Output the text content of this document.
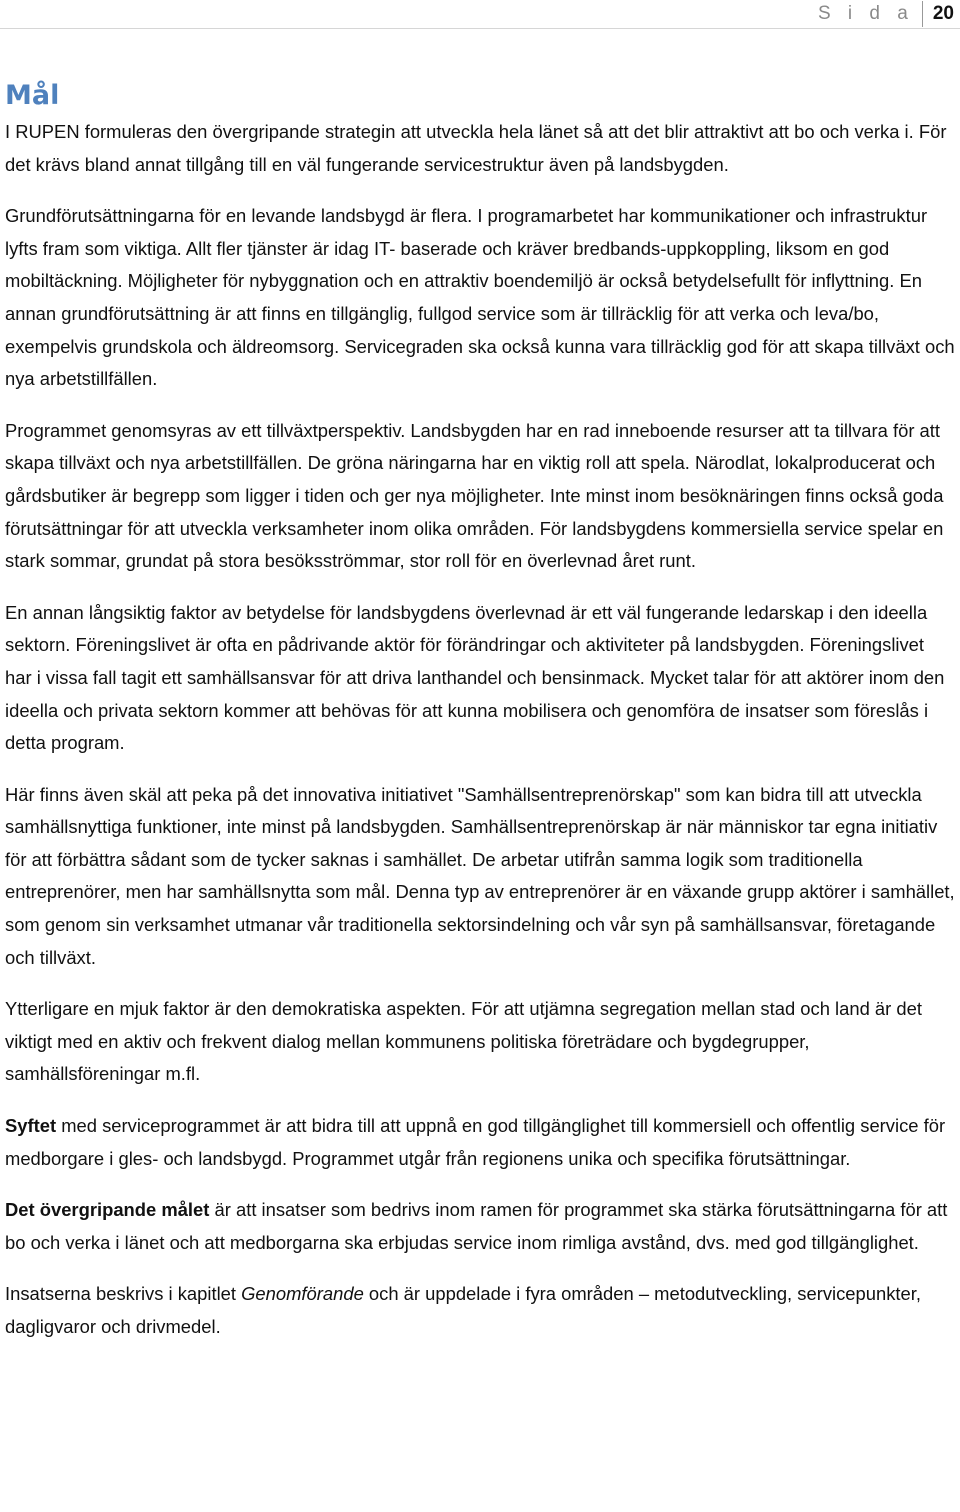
S i d a	20
Mål

I RUPEN formuleras den övergripande strategin att utveckla hela länet så att det blir attraktivt att bo och verka i. För det krävs bland annat tillgång till en väl fungerande servicestruktur även på landsbygden.

Grundförutsättningarna för en levande landsbygd är flera. I programarbetet har kommunikationer och infrastruktur lyfts fram som viktiga. Allt fler tjänster är idag IT- baserade och kräver bredbands-uppkoppling, liksom en god mobiltäckning. Möjligheter för nybyggnation och en attraktiv boendemiljö är också betydelsefullt för inflyttning. En annan grundförutsättning är att finns en tillgänglig, fullgod service som är tillräcklig för att verka och leva/bo, exempelvis grundskola och äldreomsorg. Servicegraden ska också kunna vara tillräcklig god för att skapa tillväxt och nya arbetstillfällen.

Programmet genomsyras av ett tillväxtperspektiv. Landsbygden har en rad inneboende resurser att ta tillvara för att skapa tillväxt och nya arbetstillfällen. De gröna näringarna har en viktig roll att spela. Närodlat, lokalproducerat och gårdsbutiker är begrepp som ligger i tiden och ger nya möjligheter. Inte minst inom besöknäringen finns också goda förutsättningar för att utveckla verksamheter inom olika områden. För landsbygdens kommersiella service spelar en stark sommar, grundat på stora besöksströmmar, stor roll för en överlevnad året runt.

En annan långsiktig faktor av betydelse för landsbygdens överlevnad är ett väl fungerande ledarskap i den ideella sektorn. Föreningslivet är ofta en pådrivande aktör för förändringar och aktiviteter på landsbygden. Föreningslivet har i vissa fall tagit ett samhällsansvar för att driva lanthandel och bensinmack. Mycket talar för att aktörer inom den ideella och privata sektorn kommer att behövas för att kunna mobilisera och genomföra de insatser som föreslås i detta program.

Här finns även skäl att peka på det innovativa initiativet "Samhällsentreprenörskap" som kan bidra till att utveckla samhällsnyttiga funktioner, inte minst på landsbygden. Samhällsentreprenörskap är när människor tar egna initiativ för att förbättra sådant som de tycker saknas i samhället. De arbetar utifrån samma logik som traditionella entreprenörer, men har samhällsnytta som mål. Denna typ av entreprenörer är en växande grupp aktörer i samhället, som genom sin verksamhet utmanar vår traditionella sektorsindelning och vår syn på samhällsansvar, företagande och tillväxt.

Ytterligare en mjuk faktor är den demokratiska aspekten. För att utjämna segregation mellan stad och land är det viktigt med en aktiv och frekvent dialog mellan kommunens politiska företrädare och bygdegrupper, samhällsföreningar m.fl.

Syftet med serviceprogrammet är att bidra till att uppnå en god tillgänglighet till kommersiell och offentlig service för medborgare i gles- och landsbygd. Programmet utgår från regionens unika och specifika förutsättningar.

Det övergripande målet är att insatser som bedrivs inom ramen för programmet ska stärka förutsättningarna för att bo och verka i länet och att medborgarna ska erbjudas service inom rimliga avstånd, dvs. med god tillgänglighet.

Insatserna beskrivs i kapitlet Genomförande och är uppdelade i fyra områden – metodutveckling, servicepunkter, dagligvaror och drivmedel.
